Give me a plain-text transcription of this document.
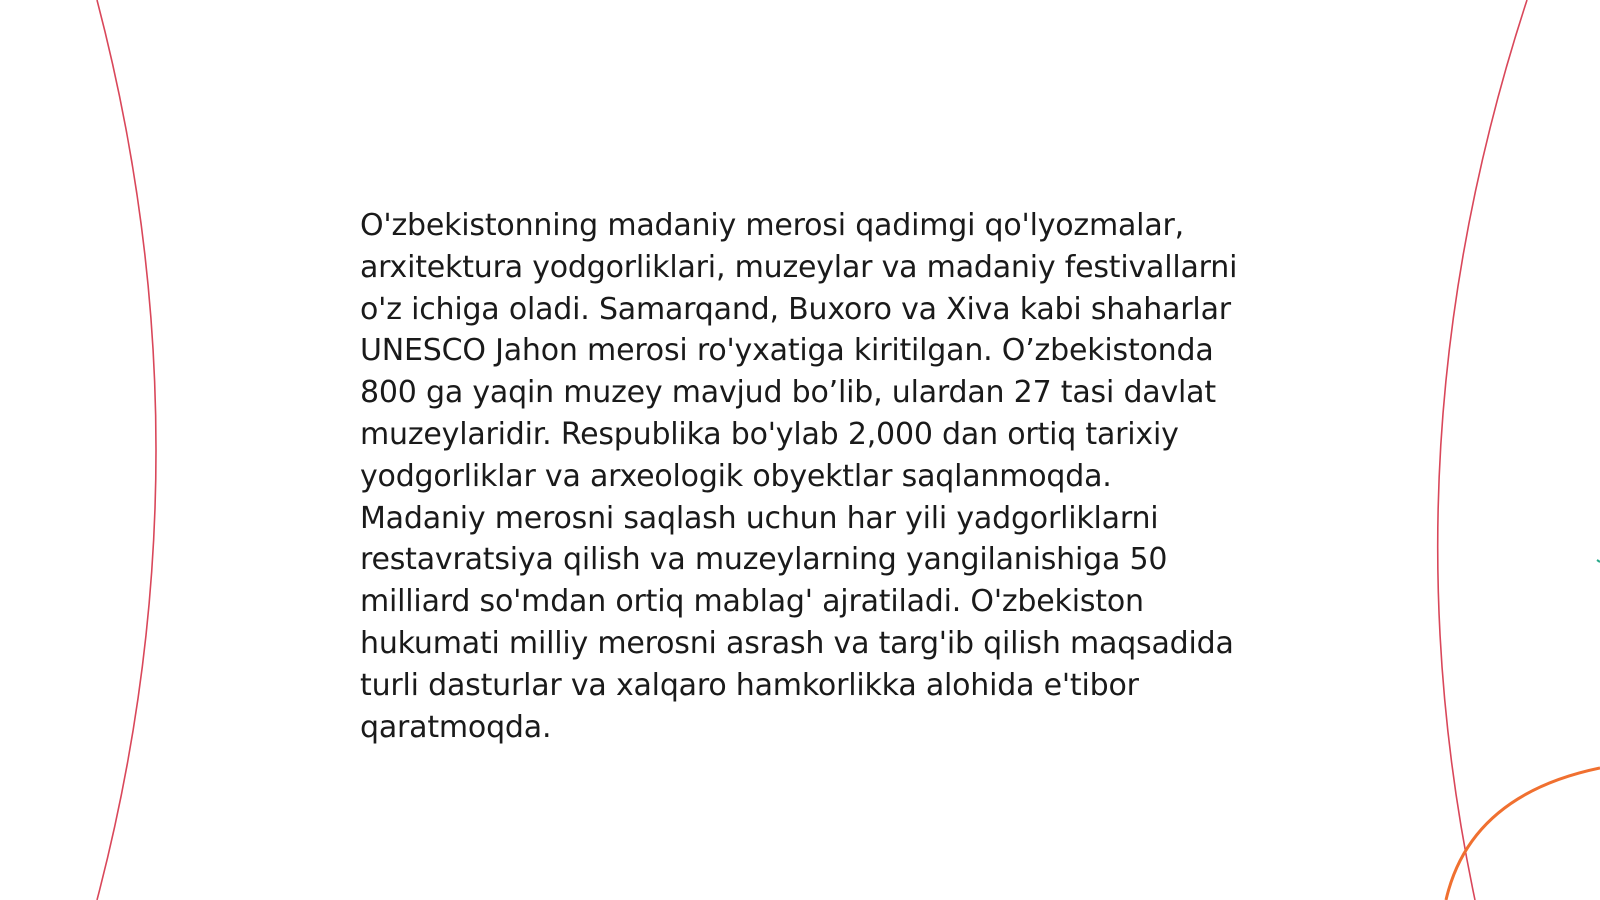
O'zbekistonning madaniy merosi qadimgi qo'lyozmalar, arxitektura yodgorliklari, muzeylar va madaniy festivallarni o'z ichiga oladi. Samarqand, Buxoro va Xiva kabi shaharlar UNESCO Jahon merosi ro'yxatiga kiritilgan. O’zbekistonda 800 ga yaqin muzey mavjud bo’lib, ulardan 27 tasi davlat muzeylaridir. Respublika bo'ylab 2,000 dan ortiq tarixiy yodgorliklar va arxeologik obyektlar saqlanmoqda. Madaniy merosni saqlash uchun har yili yadgorliklarni restavratsiya qilish va muzeylarning yangilanishiga 50 milliard so'mdan ortiq mablag' ajratiladi. O'zbekiston hukumati milliy merosni asrash va targ'ib qilish maqsadida turli dasturlar va xalqaro hamkorlikka alohida e'tibor qaratmoqda.
